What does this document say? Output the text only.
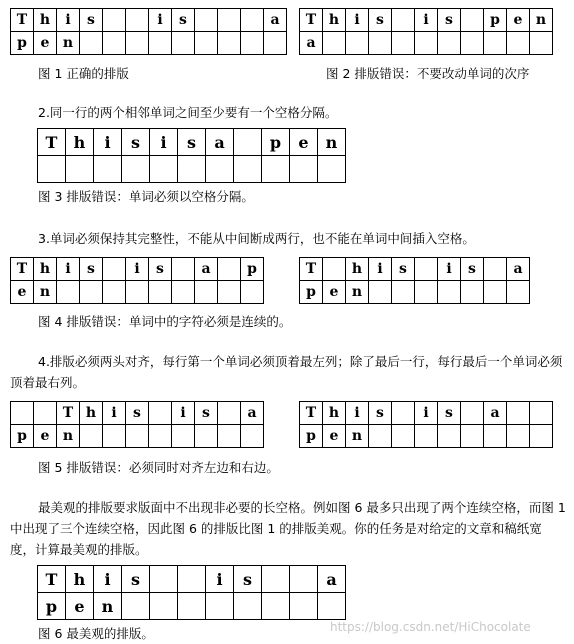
T	h	i	s			i	s				a
p	e	n									
图 1 正确的排版
T	h	i	s		i	s		p	e	n
a										
图 2 排版错误：不要改动单词的次序
2.同一行的两个相邻单词之间至少要有一个空格分隔。
T	h	i	s	i	s	a		p	e	n

图 3 排版错误：单词必须以空格分隔。
3.单词必须保持其完整性，不能从中间断成两行，也不能在单词中间插入空格。
T	h	i	s		i	s		a		p
e	n									
T		h	i	s		i	s		a
p	e	n							
图 4 排版错误：单词中的字符必须是连续的。
4.排版必须两头对齐，每行第一个单词必须顶着最左列；除了最后一行，每行最后一个单词必须顶着最右列。
		T	h	i	s		i	s		a
p	e	n								
T	h	i	s		i	s		a		
p	e	n								
图 5 排版错误：必须同时对齐左边和右边。
最美观的排版要求版面中不出现非必要的长空格。例如图 6 最多只出现了两个连续空格，而图 1 中出现了三个连续空格，因此图 6 的排版比图 1 的排版美观。你的任务是对给定的文章和稿纸宽度，计算最美观的排版。
T	h	i	s			i	s			a
p	e	n								
图 6 最美观的排版。	https://blog.csdn.net/HiChocolate
